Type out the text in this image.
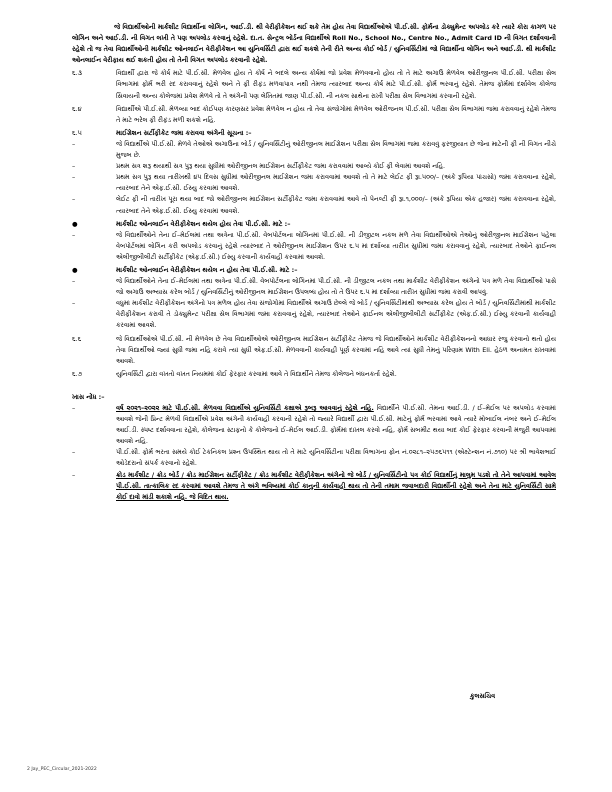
જે વિદ્યાર્થીઓની માર્કશીટ વિદ્યાર્થીના લોગિન, આઈ.ડી. થી વેરીફીકેશન થઈ શકે તેમ હોય તેવા વિદ્યાર્થીઓએ પી.ઈ.સી. ફોર્મના ડોક્યુમેન્ટ અપલોડ કરે ત્યારે કોરા કાગળ પર લોગિન અને આઈ.ડી. ની વિગત લખી તે પણ અપલોડ કરવાનું રહેશે. દા.ત. સેન્ટ્રલ બોર્ડના વિદ્યાર્થીએ Roll No., School No., Centre No., Admit Card ID ની વિગત દર્શાવવાની રહેશે તો જ તેવા વિદ્યાર્થીઓની માર્કશીટ ઓનલાઈન વેરીફીકેશન આ યુનિવર્સિટી દ્વારા થઈ શકશે તેની રીતે અન્ય કોઈ બોર્ડ / યુનિવર્સિટીમાં જો વિદ્યાર્થીના લોગિન અને આઈ.ડી. થી માર્કશીટ ઓનલાઈન વેરીફાય થઈ શકતી હોય તો તેની વિગત અપલોડ કરવાની રહેશે.

૬.૩	વિદ્યાર્થી દ્વારા જે કોર્ષ માટે પી.ઈ.સી. મેળવેલ હોય તે કોર્ષ ને બદલે અન્ય કોર્ષમાં જો પ્રવેશ મેળવવાનો હોય તો તે માટે અગાઉ મેળવેલ ઓરીજીનલ પી.ઈ.સી. પરીક્ષા સેલ વિભાગમાં ફોર્મ ભરી રદ કરાવવાનું રહેશે અને તે ફી રીફંડ મળવાપાત્ર નથી તેમજ ત્યારબાદ અન્ય કોર્ષ માટે પી.ઈ.સી. ફોર્મ ભરવાનું રહેશે. તેમજ ફોર્મમાં દર્શાવેલ કોલેજ સિવાયની અન્ય કોલેજમાં પ્રવેશ મેળવે તો તે અંગેની પણ લેખિતમાં જાણ પી.ઈ.સી. ની નકલ સાથેના રાખી પરીક્ષા સેલ વિભાગમાં કરવાની રહેશે.
૬.૪	વિદ્યાર્થીએ પી.ઈ.સી. મેળવ્યા બાદ કોઈપણ કારણસર પ્રવેશ મેળવેલ ન હોય તો તેવા સંજોગોમાં મેળવેલ ઓરીજનલ પી.ઈ.સી. પરીક્ષા સેલ વિભાગમાં જમા કરાવવાનું રહેશે તેમજ તે માટે ભરેલ ફી રીફંડ મળી શકશે નહિ.
૬.૫	માઈગ્રેશન સર્ટીફીકેટ જમા કરાવવા અંગેની સૂચના :–
–	જે વિદ્યાર્થીએ પી.ઈ.સી. મેળવે તેઓએ અગાઉના બોર્ડ / યુનિવર્સિટીનું ઓરીજીનલ માઈગ્રેશન પરીક્ષા સેલ વિભાગમાં જમા કરાવવું ફરજીયાત છે જેના માટેની ફી ની વિગત નીચે મુજબ છે.
–	પ્રથમ સત્ર શરૂ થયાથી સત્ર પુરૂ થયા સુધીમાં ઓરીજીનલ માઈગ્રેશન સર્ટીફીકેટ જમા કરાવવામાં આવ્યે કોઈ ફી લેવામાં આવશે નહિ.
–	પ્રથમ સત્ર પુરૂ થયા તારીખથી ૪૫ દિવસ સુધીમાં ઓરીજીનલ માઈગ્રેશન જમા કરાવવામાં આવશે તો તે માટે લેઈટ ફી રૂા.૫૦૦/– (અંકે રૂપિયા પાંચસો) જમા કરાવવાના રહેશે, ત્યારબાદ તેને એફ.ઈ.સી. ઈસ્યુ કરવામાં આવશે.
–	લેઈટ ફી ની તારીખ પૂરા થયા બાદ જો ઓરીજીનલ માઈગ્રેશન સર્ટીફીકેટ જમા કરાવવામાં આવે તો પેનલ્ટી ફી રૂા.૧,૦૦૦/– (અંકે રૂપિયા એક હજાર) જમા કરાવવાના રહેશે, ત્યારબાદ તેને એફ.ઈ.સી. ઈસ્યુ કરવામાં આવશે.
●	માર્કશીટ ઓનલાઈન વેરીફીકેશન થયેલ હોય તેવા પી.ઈ.સી. માટે :–
–	જે વિદ્યાર્થીઓને તેના ઈ–મેઈલમાં તથા અત્રેના પી.ઈ.સી. વેબપોર્ટલના લોગિનમાં પી.ઈ.સી. ની ડીજીટલ નકલ મળે તેવા વિદ્યાર્થીઓએ તેઓનું ઓરીજીનલ માઈગ્રેશન પહેલા વેબપોર્ટલમાં લોગિન કરી અપલોડ કરવાનું રહેશે ત્યારબાદ તે ઓરીજીનલ માઈગ્રેશન ઉપર ૬.૫ માં દર્શાવ્યા તારીખ સુધીમાં જમા કરાવવાનું રહેશે, ત્યારબાદ તેઓને ફાઈનલ એલીજીબીલીટી સર્ટીફીકેટ (એફ.ઈ.સી.) ઈસ્યુ કરવાની કાર્યવાહી કરવામાં આવશે.
●	માર્કશીટ ઓનલાઈન વેરીફીકેશન થયેલ ન હોય તેવા પી.ઈ.સી. માટે :–
–	જે વિદ્યાર્થીઓને તેના ઈ–મેઈલમાં તથા અત્રેના પી.ઈ.સી. વેબપોર્ટલના લોગિનમાં પી.ઈ.સી. ની ડીજીટલ નકલ તથા માર્કશીટ વેરીફીકેશન અંગેનો પત્ર મળે તેવા વિદ્યાર્થીઓ પાસે જો અગાઉ અભ્યાસ કરેલ બોર્ડ / યુનિવર્સિટીનું ઓરીજીનલ માઈગ્રેશન ઉપલબ્ધ હોય તો તે ઉપર ૬.૫ માં દર્શાવ્યા તારીખ સુધીમાં જમા કરાવી આપવું.
–	વધુમાં માર્કશીટ વેરીફીકેશન અંગેનો પત્ર મળેલ હોય તેવા સંજોગોમાં વિદ્યાર્થીએ અગાઉ છેલ્લે જે બોર્ડ / યુનિવર્સિટીમાંથી અભ્યાસ કરેલ હોય તે બોર્ડ / યુનિવર્સિટીમાંથી માર્કશીટ વેરીફીકેશન કરાવી તે ડોક્યુમેન્ટ પરીક્ષા સેલ વિભાગમાં જમા કરાવવાનું રહેશે, ત્યારબાદ તેઓને ફાઈનલ એલીજીબીલીટી સર્ટીફીકેટ (એફ.ઈ.સી.) ઈસ્યુ કરવાની કાર્યવાહી કરવામાં આવશે.
૬.૬	જે વિદ્યાર્થીઓએ પી.ઈ.સી. ની મેળવેલ છે તેવા વિદ્યાર્થીઓએ ઓરીજીનલ માઈગ્રેશન સર્ટીફીકેટ તેમજ જે વિદ્યાર્થીઓને માર્કશીટ વેરીફીકેશનનો આધાર રજુ કરવાનો થતો હોય તેવા વિદ્યાર્થીઓ જ્યાં સુધી જમા નહિ કરાવે ત્યાં સુધી એફ.ઈ.સી. મેળવવાની કાર્યવાહી પૂર્ણ કરવામાં નહિ આવે ત્યાં સુધી તેમનું પરિણામ With Eli. હેઠળ અનામત રાખવામાં આવશે.
૬.૭	યુનિવર્સિટી દ્વારા વખતો વખત નિયમમાં કોઈ ફેરફાર કરવામાં આવે તે વિદ્યાર્થીને તેમજ કોલેજને બંધનકર્તા રહેશે.

ખાસ નોંધ :–

–	વર્ષ ૨૦૨૧–૨૦૨૨ માટે પી.ઈ.સી. મેળવવા વિદ્યાર્થીએ યુનિવર્સિટી કક્ષાએ રૂબરૂ આવવાનું રહેશે નહિ. વિદ્યાર્થીને પી.ઈ.સી. તેમના આઈ.ડી. / ઈ–મેઈલ પર અપલોડ કરવામાં આવશે જેની પ્રિન્ટ મેળવી વિદ્યાર્થીએ પ્રવેશ અંગેની કાર્યવાહી કરવાની રહેશે તો જ્યારે વિદ્યાર્થી દ્વારા પી.ઈ.સી. માટેનું ફોર્મ ભરવામાં આવે ત્યારે મોબાઈલ નંબર અને ઈ–મેઈલ આઈ.ડી. સ્પષ્ટ દર્શાવવાના રહેશે, કોલેજના સ્ટાફનો કે કોલેજનો ઈ–મેઈલ આઈ.ડી. ફોર્મમાં દાખલ કરવો નહિ, ફોર્મ સબમીટ થયા બાદ કોઈ ફેરફાર કરવાની મંજુરી આપવામાં આવશે નહિ.
–	પી.ઈ.સી. ફોર્મ ભરતા સમયે કોઈ ટેકનિકલ પ્રશ્ન ઉપસ્થિત થાય તો તે માટે યુનિવર્સિટીના પરીક્ષા વિભાગના ફોન નં.૦૨૮૧–૨૫૭૬૫૧૧ (એક્ષ્ટેન્શન નં.૭૧૦) પર શ્રી ભાવેશભાઈ ઓડેદરાનો સંપર્ક કરવાનો રહેશે.
–	ક્રોડ માર્કશીટ / ક્રોડ બોર્ડ / ક્રોડ માઈગ્રેશન સર્ટીફીકેટ / ક્રોડ માર્કશીટ વેરીફીકેશન અંગેનો જે બોર્ડ / યુનિવર્સિટીનો પત્ર કોઈ વિદ્યાર્થીનું માલુમ પડશે તો તેને આપવામાં આવેલ પી.ઈ.સી. તાત્કાલિક રદ કરવામાં આવશે તેમજ તે અંગે ભવિષ્યમાં કોઈ કાનુની કાર્યવાહી થાય તો તેની તમામ જવાબદારી વિદ્યાર્થીની રહેશે અને તેના માટે યુનિવર્સિટી સામે કોઈ દાવો માંડી શકાશે નહિ. જે વિદિત થાય.
કુલસચિવ
2 Jay_PEC_Circular_2021-2022
